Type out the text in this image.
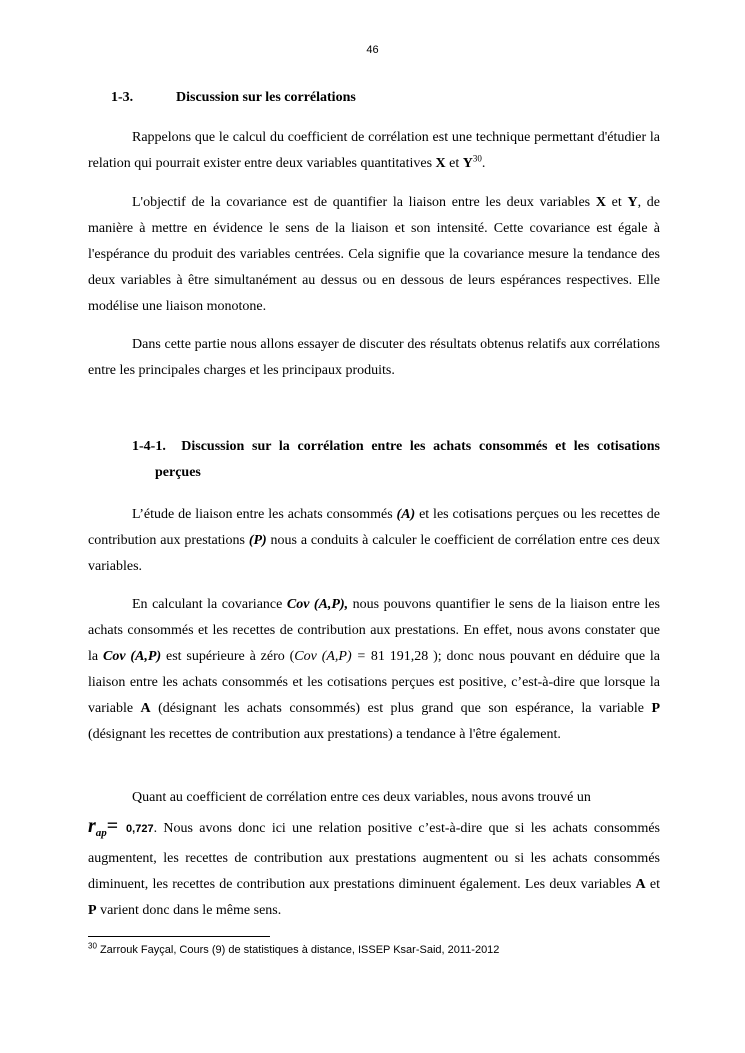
46
1-3.	Discussion sur les corrélations

Rappelons que le calcul du coefficient de corrélation est une technique permettant d'étudier la relation qui pourrait exister entre deux variables quantitatives X et $Y^{30}$.

L'objectif de la covariance est de quantifier la liaison entre les deux variables X et Y, de manière à mettre en évidence le sens de la liaison et son intensité. Cette covariance est égale à l'espérance du produit des variables centrées. Cela signifie que la covariance mesure la tendance des deux variables à être simultanément au dessus ou en dessous de leurs espérances respectives. Elle modélise une liaison monotone.

Dans cette partie nous allons essayer de discuter des résultats obtenus relatifs aux corrélations entre les principales charges et les principaux produits.

1-4-1. Discussion sur la corrélation entre les achats consommés et les cotisations
perçues

L’étude de liaison entre les achats consommés (A) et les cotisations perçues ou les recettes de contribution aux prestations (P) nous a conduits à calculer le coefficient de corrélation entre ces deux variables.

En calculant la covariance Cov (A,P), nous pouvons quantifier le sens de la liaison entre les achats consommés et les recettes de contribution aux prestations. En effet, nous avons constater que la Cov (A,P) est supérieure à zéro (Cov (A,P) = 81 191,28 ); donc nous pouvant en déduire que la liaison entre les achats consommés et les cotisations perçues est positive, c’est-à-dire que lorsque la variable A (désignant les achats consommés) est plus grand que son espérance, la variable P (désignant les recettes de contribution aux prestations) a tendance à l'être également.

Quant au coefficient de corrélation entre ces deux variables, nous avons trouvé un

$r_{ap}= 0,727$. Nous avons donc ici une relation positive c’est-à-dire que si les achats consommés augmentent, les recettes de contribution aux prestations augmentent ou si les achats consommés diminuent, les recettes de contribution aux prestations diminuent également. Les deux variables A et P varient donc dans le même sens.

$^{30}$ Zarrouk Fayçal, Cours (9) de statistiques à distance, ISSEP Ksar-Said, 2011-2012
